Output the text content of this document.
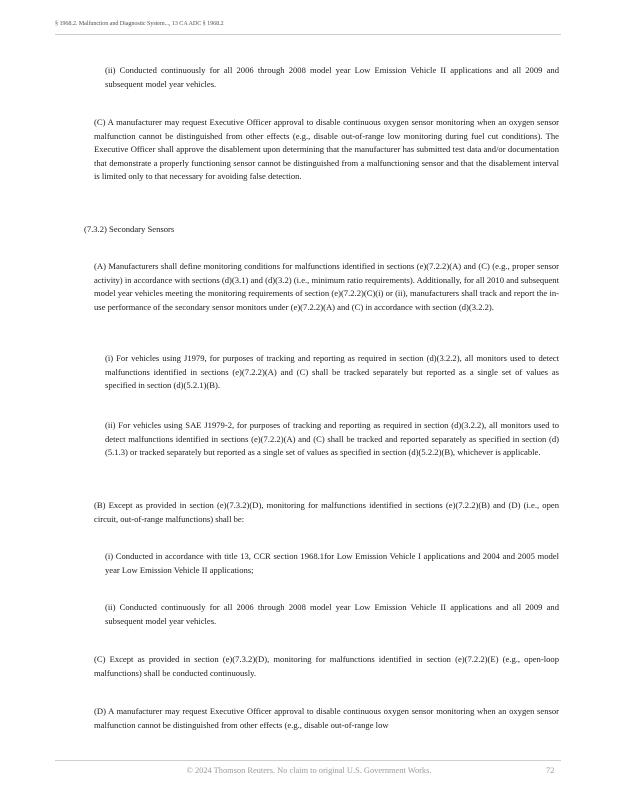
§ 1968.2. Malfunction and Diagnostic System..., 13 CA ADC § 1968.2

(ii) Conducted continuously for all 2006 through 2008 model year Low Emission Vehicle II applications and all 2009 and subsequent model year vehicles.

(C) A manufacturer may request Executive Officer approval to disable continuous oxygen sensor monitoring when an oxygen sensor malfunction cannot be distinguished from other effects (e.g., disable out-of-range low monitoring during fuel cut conditions). The Executive Officer shall approve the disablement upon determining that the manufacturer has submitted test data and/or documentation that demonstrate a properly functioning sensor cannot be distinguished from a malfunctioning sensor and that the disablement interval is limited only to that necessary for avoiding false detection.

(7.3.2) Secondary Sensors

(A) Manufacturers shall define monitoring conditions for malfunctions identified in sections (e)(7.2.2)(A) and (C) (e.g., proper sensor activity) in accordance with sections (d)(3.1) and (d)(3.2) (i.e., minimum ratio requirements). Additionally, for all 2010 and subsequent model year vehicles meeting the monitoring requirements of section (e)(7.2.2)(C)(i) or (ii), manufacturers shall track and report the in-use performance of the secondary sensor monitors under (e)(7.2.2)(A) and (C) in accordance with section (d)(3.2.2).

(i) For vehicles using J1979, for purposes of tracking and reporting as required in section (d)(3.2.2), all monitors used to detect malfunctions identified in sections (e)(7.2.2)(A) and (C) shall be tracked separately but reported as a single set of values as specified in section (d)(5.2.1)(B).

(ii) For vehicles using SAE J1979-2, for purposes of tracking and reporting as required in section (d)(3.2.2), all monitors used to detect malfunctions identified in sections (e)(7.2.2)(A) and (C) shall be tracked and reported separately as specified in section (d)(5.1.3) or tracked separately but reported as a single set of values as specified in section (d)(5.2.2)(B), whichever is applicable.

(B) Except as provided in section (e)(7.3.2)(D), monitoring for malfunctions identified in sections (e)(7.2.2)(B) and (D) (i.e., open circuit, out-of-range malfunctions) shall be:

(i) Conducted in accordance with title 13, CCR section 1968.1for Low Emission Vehicle I applications and 2004 and 2005 model year Low Emission Vehicle II applications;

(ii) Conducted continuously for all 2006 through 2008 model year Low Emission Vehicle II applications and all 2009 and subsequent model year vehicles.

(C) Except as provided in section (e)(7.3.2)(D), monitoring for malfunctions identified in section (e)(7.2.2)(E) (e.g., open-loop malfunctions) shall be conducted continuously.

(D) A manufacturer may request Executive Officer approval to disable continuous oxygen sensor monitoring when an oxygen sensor malfunction cannot be distinguished from other effects (e.g., disable out-of-range low

© 2024 Thomson Reuters. No claim to original U.S. Government Works.	72
